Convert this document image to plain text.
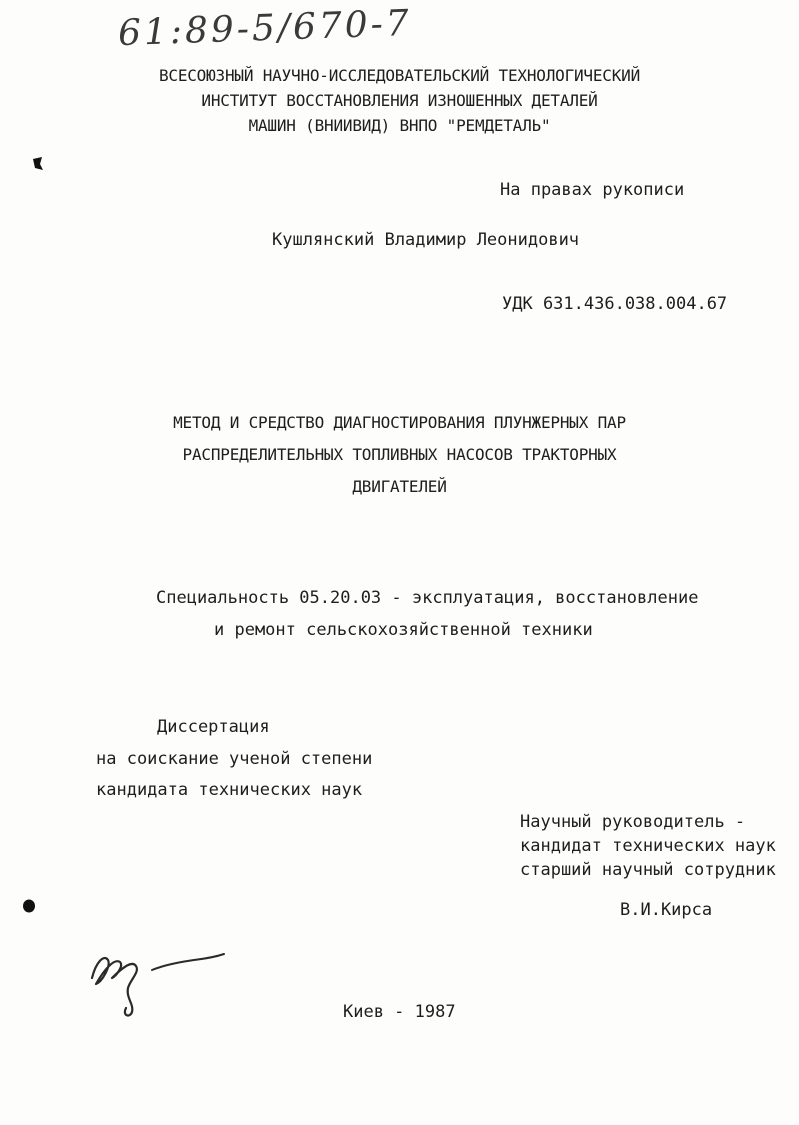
61:89-5/670-7
ВСЕСОЮЗНЫЙ НАУЧНО-ИССЛЕДОВАТЕЛЬСКИЙ ТЕХНОЛОГИЧЕСКИЙ
ИНСТИТУТ ВОССТАНОВЛЕНИЯ ИЗНОШЕННЫХ ДЕТАЛЕЙ
МАШИН (ВНИИВИД) ВНПО "РЕМДЕТАЛЬ"
На правах рукописи
Кушлянский Владимир Леонидович
УДК 631.436.038.004.67
МЕТОД И СРЕДСТВО ДИАГНОСТИРОВАНИЯ ПЛУНЖЕРНЫХ ПАР
РАСПРЕДЕЛИТЕЛЬНЫХ ТОПЛИВНЫХ НАСОСОВ ТРАКТОРНЫХ
ДВИГАТЕЛЕЙ
Специальность 05.20.03 - эксплуатация, восстановление
и ремонт сельскохозяйственной техники
Диссертация
на соискание ученой степени
кандидата технических наук
Научный руководитель -
кандидат технических наук
старший научный сотрудник
В.И.Кирса
Киев - 1987
